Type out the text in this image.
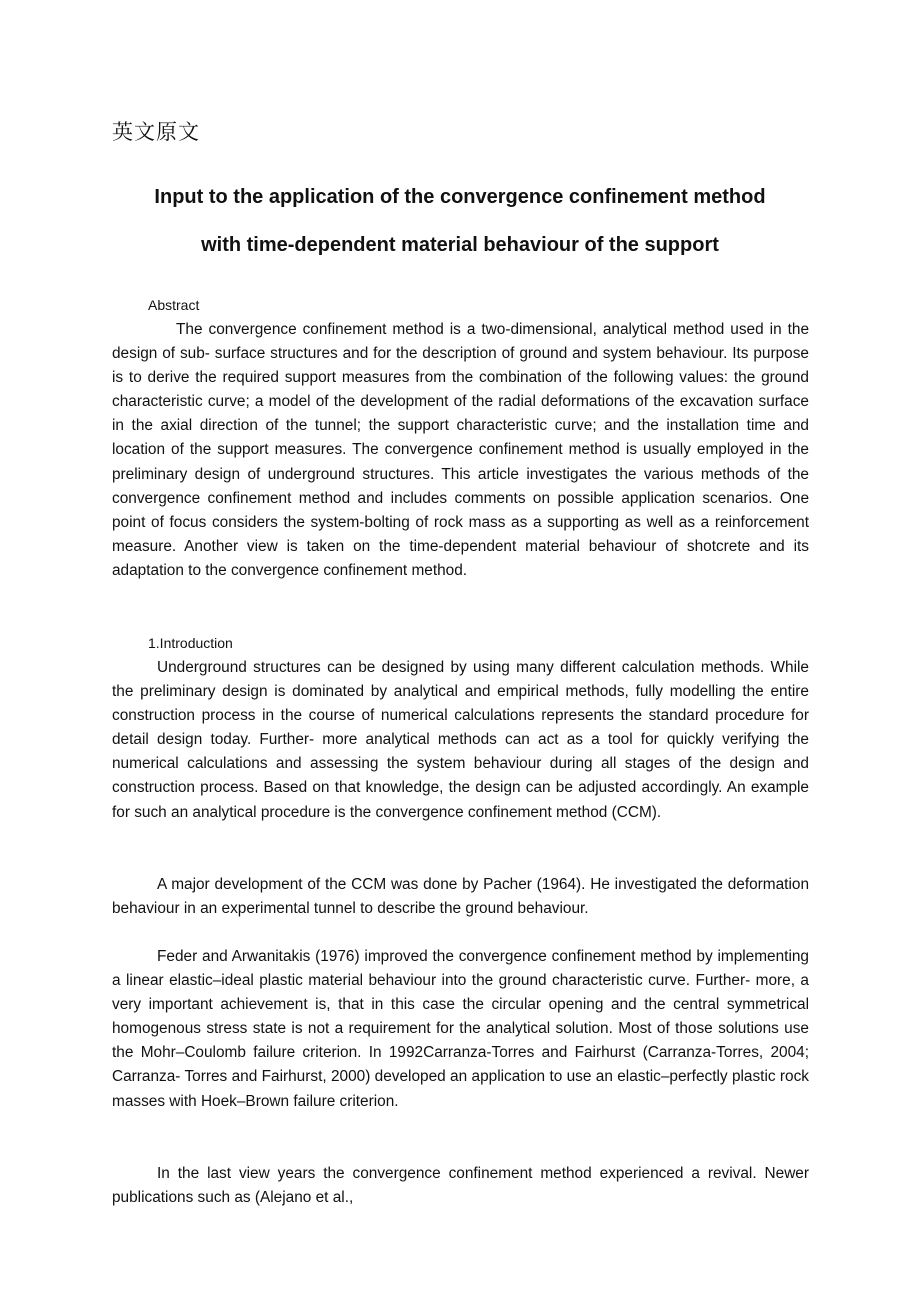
英文原文
Input to the application of the convergence confinement method
with time-dependent material behaviour of the support
Abstract

The convergence confinement method is a two-dimensional, analytical method used in the design of sub- surface structures and for the description of ground and system behaviour. Its purpose is to derive the required support measures from the combination of the following values: the ground characteristic curve; a model of the development of the radial deformations of the excavation surface in the axial direction of the tunnel; the support characteristic curve; and the installation time and location of the support measures. The convergence confinement method is usually employed in the preliminary design of underground structures. This article investigates the various methods of the convergence confinement method and includes comments on possible application scenarios. One point of focus considers the system-bolting of rock mass as a supporting as well as a reinforcement measure. Another view is taken on the time-dependent material behaviour of shotcrete and its adaptation to the convergence confinement method.

1.Introduction

Underground structures can be designed by using many different calculation methods. While the preliminary design is dominated by analytical and empirical methods, fully modelling the entire construction process in the course of numerical calculations represents the standard procedure for detail design today. Further- more analytical methods can act as a tool for quickly verifying the numerical calculations and assessing the system behaviour during all stages of the design and construction process. Based on that knowledge, the design can be adjusted accordingly. An example for such an analytical procedure is the convergence confinement method (CCM).

A major development of the CCM was done by Pacher (1964). He investigated the deformation behaviour in an experimental tunnel to describe the ground behaviour.

Feder and Arwanitakis (1976) improved the convergence confinement method by implementing a linear elastic–ideal plastic material behaviour into the ground characteristic curve. Further- more, a very important achievement is, that in this case the circular opening and the central symmetrical homogenous stress state is not a requirement for the analytical solution. Most of those solutions use the Mohr–Coulomb failure criterion. In 1992Carranza-Torres and Fairhurst (Carranza-Torres, 2004; Carranza- Torres and Fairhurst, 2000) developed an application to use an elastic–perfectly plastic rock masses with Hoek–Brown failure criterion.

In the last view years the convergence confinement method experienced a revival. Newer publications such as (Alejano et al.,
